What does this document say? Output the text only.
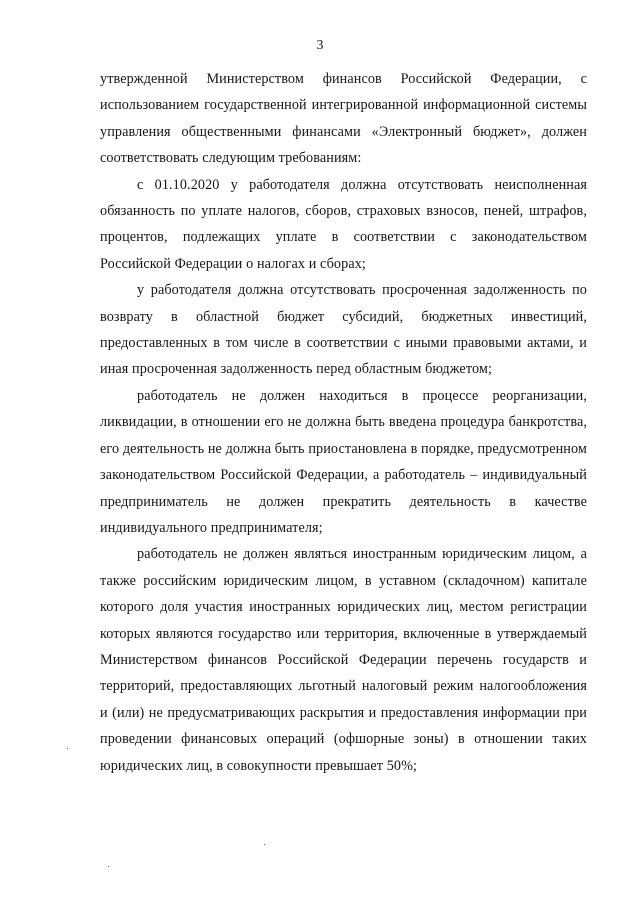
3

утвержденной Министерством финансов Российской Федерации, с использованием государственной интегрированной информационной системы управления общественными финансами «Электронный бюджет», должен соответствовать следующим требованиям:

с 01.10.2020 у работодателя должна отсутствовать неисполненная обязанность по уплате налогов, сборов, страховых взносов, пеней, штрафов, процентов, подлежащих уплате в соответствии с законодательством Российской Федерации о налогах и сборах;

у работодателя должна отсутствовать просроченная задолженность по возврату в областной бюджет субсидий, бюджетных инвестиций, предоставленных в том числе в соответствии с иными правовыми актами, и иная просроченная задолженность перед областным бюджетом;

работодатель не должен находиться в процессе реорганизации, ликвидации, в отношении его не должна быть введена процедура банкротства, его деятельность не должна быть приостановлена в порядке, предусмотренном законодательством Российской Федерации, а работодатель – индивидуальный предприниматель не должен прекратить деятельность в качестве индивидуального предпринимателя;

работодатель не должен являться иностранным юридическим лицом, а также российским юридическим лицом, в уставном (складочном) капитале которого доля участия иностранных юридических лиц, местом регистрации которых являются государство или территория, включенные в утверждаемый Министерством финансов Российской Федерации перечень государств и территорий, предоставляющих льготный налоговый режим налогообложения и (или) не предусматривающих раскрытия и предоставления информации при проведении финансовых операций (офшорные зоны) в отношении таких юридических лиц, в совокупности превышает 50%;
